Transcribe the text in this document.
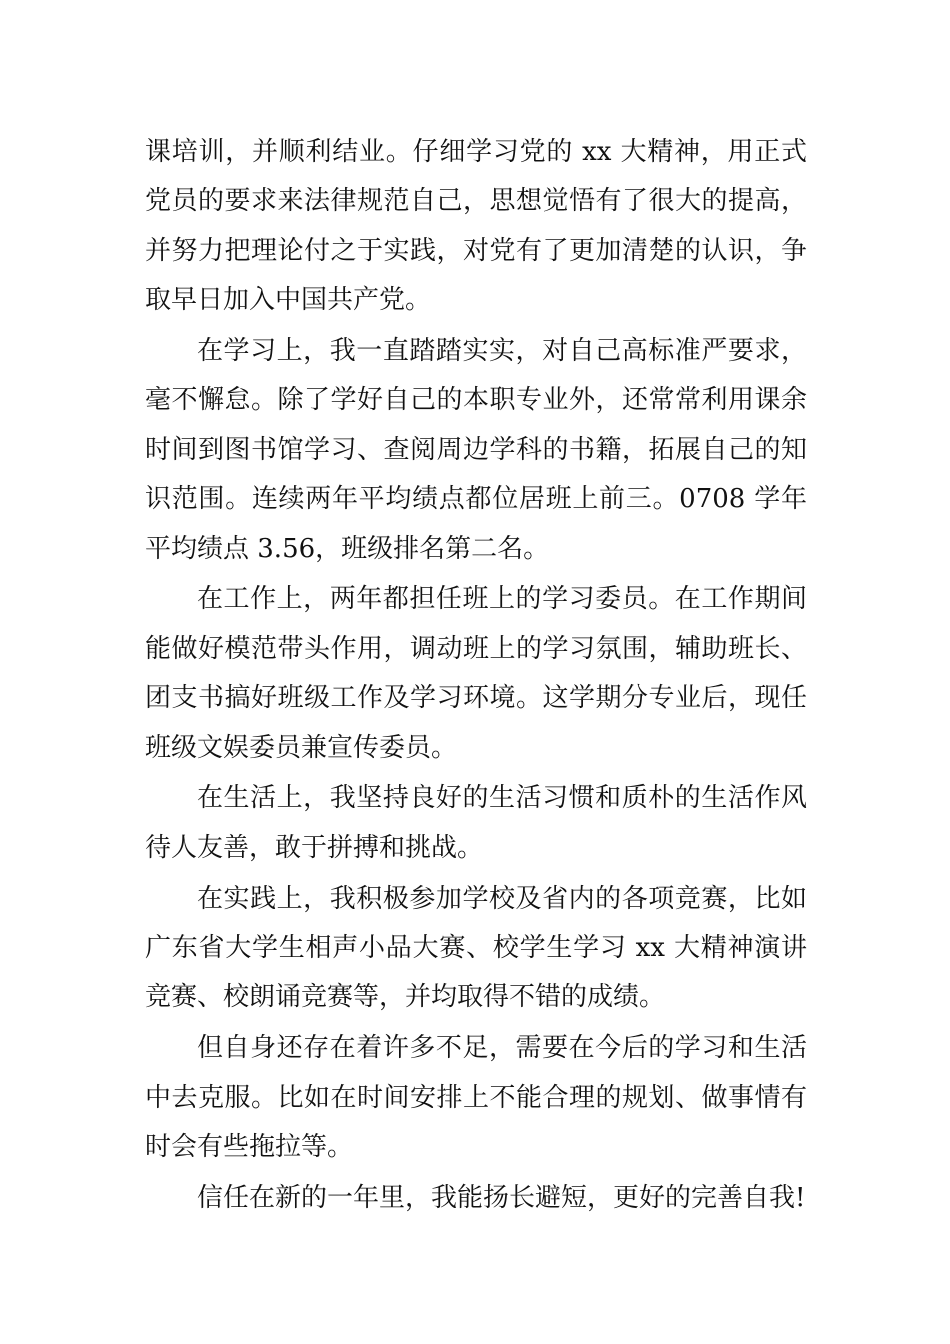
课培训，并顺利结业。仔细学习党的 xx 大精神，用正式党员的要求来法律规范自己，思想觉悟有了很大的提高，并努力把理论付之于实践，对党有了更加清楚的认识，争取早日加入中国共产党。

在学习上，我一直踏踏实实，对自己高标准严要求，毫不懈怠。除了学好自己的本职专业外，还常常利用课余时间到图书馆学习、查阅周边学科的书籍，拓展自己的知识范围。连续两年平均绩点都位居班上前三。0708 学年平均绩点 3.56，班级排名第二名。

在工作上，两年都担任班上的学习委员。在工作期间能做好模范带头作用，调动班上的学习氛围，辅助班长、团支书搞好班级工作及学习环境。这学期分专业后，现任班级文娱委员兼宣传委员。

在生活上，我坚持良好的生活习惯和质朴的生活作风待人友善，敢于拼搏和挑战。

在实践上，我积极参加学校及省内的各项竞赛，比如广东省大学生相声小品大赛、校学生学习 xx 大精神演讲竞赛、校朗诵竞赛等，并均取得不错的成绩。

但自身还存在着许多不足，需要在今后的学习和生活中去克服。比如在时间安排上不能合理的规划、做事情有时会有些拖拉等。

信任在新的一年里，我能扬长避短，更好的完善自我!
